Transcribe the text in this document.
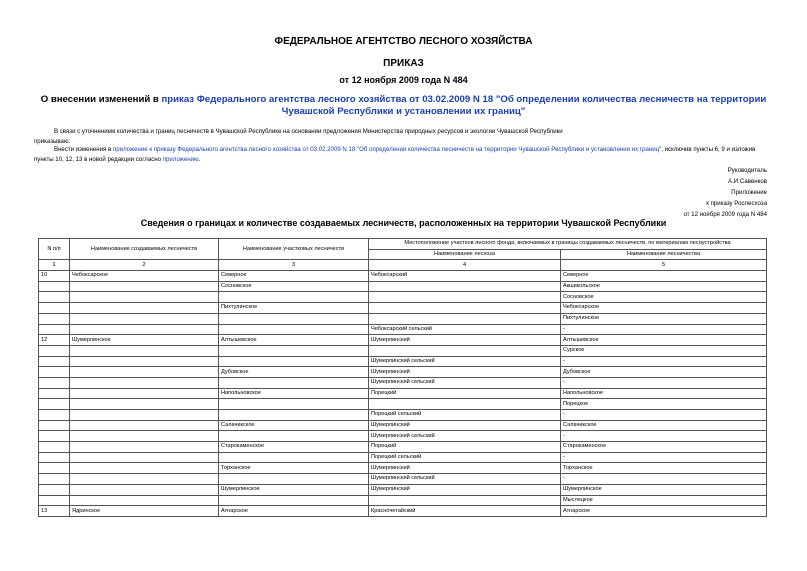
ФЕДЕРАЛЬНОЕ АГЕНТСТВО ЛЕСНОГО ХОЗЯЙСТВА
ПРИКАЗ
от 12 ноября 2009 года N 484
О внесении изменений в приказ Федерального агентства лесного хозяйства от 03.02.2009 N 18 "Об определении количества лесничеств на территории Чувашской Республики и установлении их границ"
В связи с уточнением количества и границ лесничеств в Чувашской Республике на основании предложения Министерства природных ресурсов и экологии Чувашской Республики
приказываю:
Внести изменения в приложение к приказу Федерального агентства лесного хозяйства от 03.02.2009 N 18 "Об определении количества лесничеств на территории Чувашской Республики и установлении их границ", исключив пункты 6, 9 и изложив пункты 10, 12, 13 в новой редакции согласно приложению.
Руководитель
А.И.Савенков
Приложение
к приказу Рослесхоза
от 12 ноября 2009 года N 484
Сведения о границах и количестве создаваемых лесничеств, расположенных на территории Чувашской Республики
N п/п	Наименование создаваемых лесничеств	Наименование участковых лесничеств	Местоположение участков лесного фонда, включаемых в границы создаваемых лесничеств, по материалам лесоустройства	
			Наименование лесхоза	Наименование лесничества
1	2	3	4	5
10	Чебоксарское	Северное	Чебоксарский	Северное
		Сосновское		Акшикольское
				Сосновское
		Пихтулинское		Чебоксарское
				Пихтулинское
			Чебоксарский сельский	-
12	Шумерлинское	Алтышевское	Шумерлинский	Алтышевское
				Сурское
			Шумерлинский сельский	-
		Дубовское	Шумерлинский	Дубовское
			Шумерлинский сельский	-
		Напольновское	Порецкий	Напольновское
				Порецкое
			Порецкий сельский	-
		Салачикское	Шумерлинский	Салачикское
			Шумерлинский сельский	-
		Старокаменское	Порецкий	Старокаменское
			Порецкий сельский	-
		Торханское	Шумерлинский	Торханское
			Шумерлинский сельский	-
		Шумерлинское	Шумерлинский	Шумерлинское
				Мыслецкое
13	Ядринское	Атнарское	Красночетайский	Атнарское
